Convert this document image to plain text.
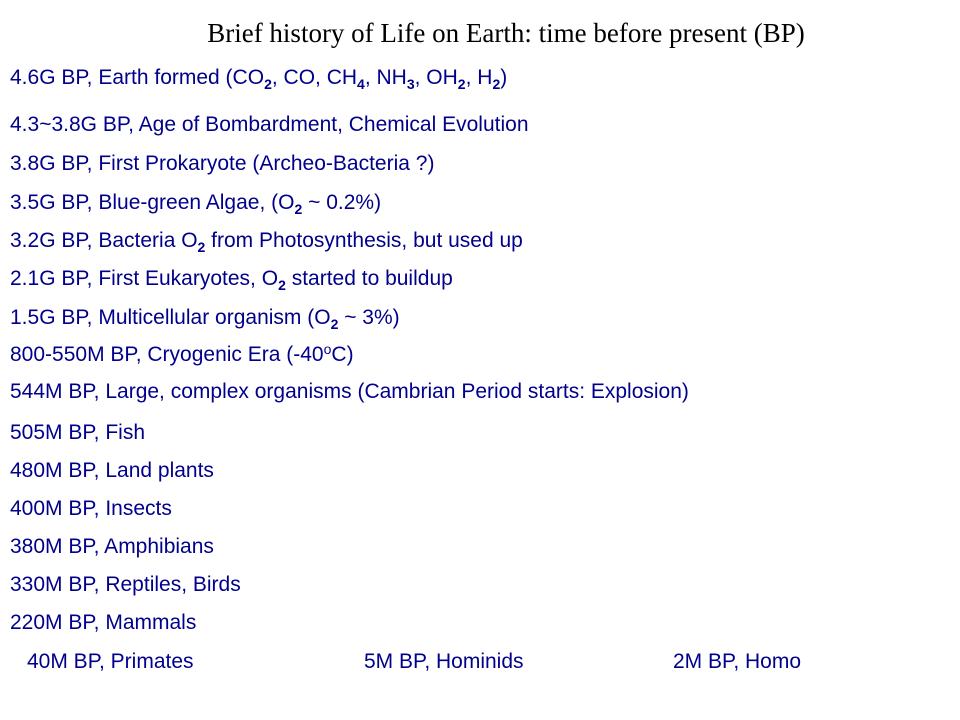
Brief history of Life on Earth: time before present (BP)
4.6G BP, Earth formed ($CO_2$, CO, $CH_4$, $NH_3$, $OH_2$, $H_2$)
4.3~3.8G BP, Age of Bombardment, Chemical Evolution
3.8G BP, First Prokaryote (Archeo-Bacteria ?)
3.5G BP, Blue-green Algae, ($O_2$ ~ 0.2%)
3.2G BP, Bacteria $O_2$ from Photosynthesis, but used up
2.1G BP, First Eukaryotes, $O_2$ started to buildup
1.5G BP, Multicellular organism ($O_2$ ~ 3%)
800-550M BP, Cryogenic Era (-40$^o$C)
544M BP, Large, complex organisms (Cambrian Period starts: Explosion)
505M BP, Fish
480M BP, Land plants
400M BP, Insects
380M BP, Amphibians
330M BP, Reptiles, Birds
220M BP, Mammals
40M BP, Primates	5M BP, Hominids	2M BP, Homo
